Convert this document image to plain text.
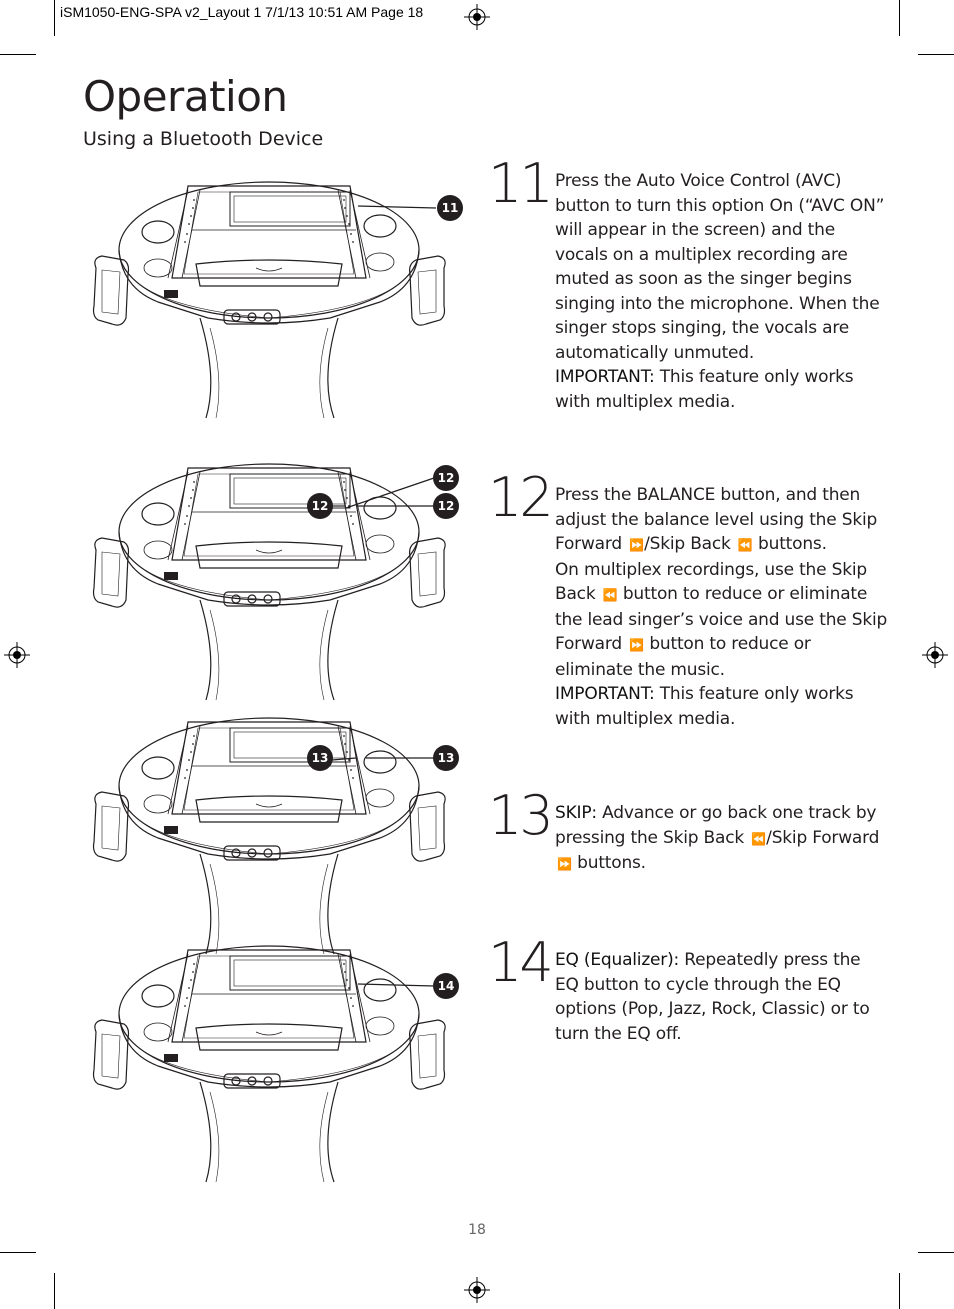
iSM1050-ENG-SPA v2_Layout 1 7/1/13 10:51 AM Page 18
Operation
Using a Bluetooth Device
11
12
12	12
13	13
14
11 Press the Auto Voice Control (AVC) button to turn this option On (“AVC ON” will appear in the screen) and the vocals on a multiplex recording are muted as soon as the singer begins singing into the microphone. When the singer stops singing, the vocals are automatically unmuted.

IMPORTANT: This feature only works with multiplex media.

12 Press the BALANCE button, and then adjust the balance level using the Skip Forward ⏩ /Skip Back ⏪ buttons.

On multiplex recordings, use the Skip Back ⏪ button to reduce or eliminate the lead singer’s voice and use the Skip Forward ⏩ button to reduce or eliminate the music.

IMPORTANT: This feature only works with multiplex media.

13 SKIP: Advance or go back one track by pressing the Skip Back ⏪ /Skip Forward ⏩ buttons.

14 EQ (Equalizer): Repeatedly press the EQ button to cycle through the EQ options (Pop, Jazz, Rock, Classic) or to turn the EQ off.

18
